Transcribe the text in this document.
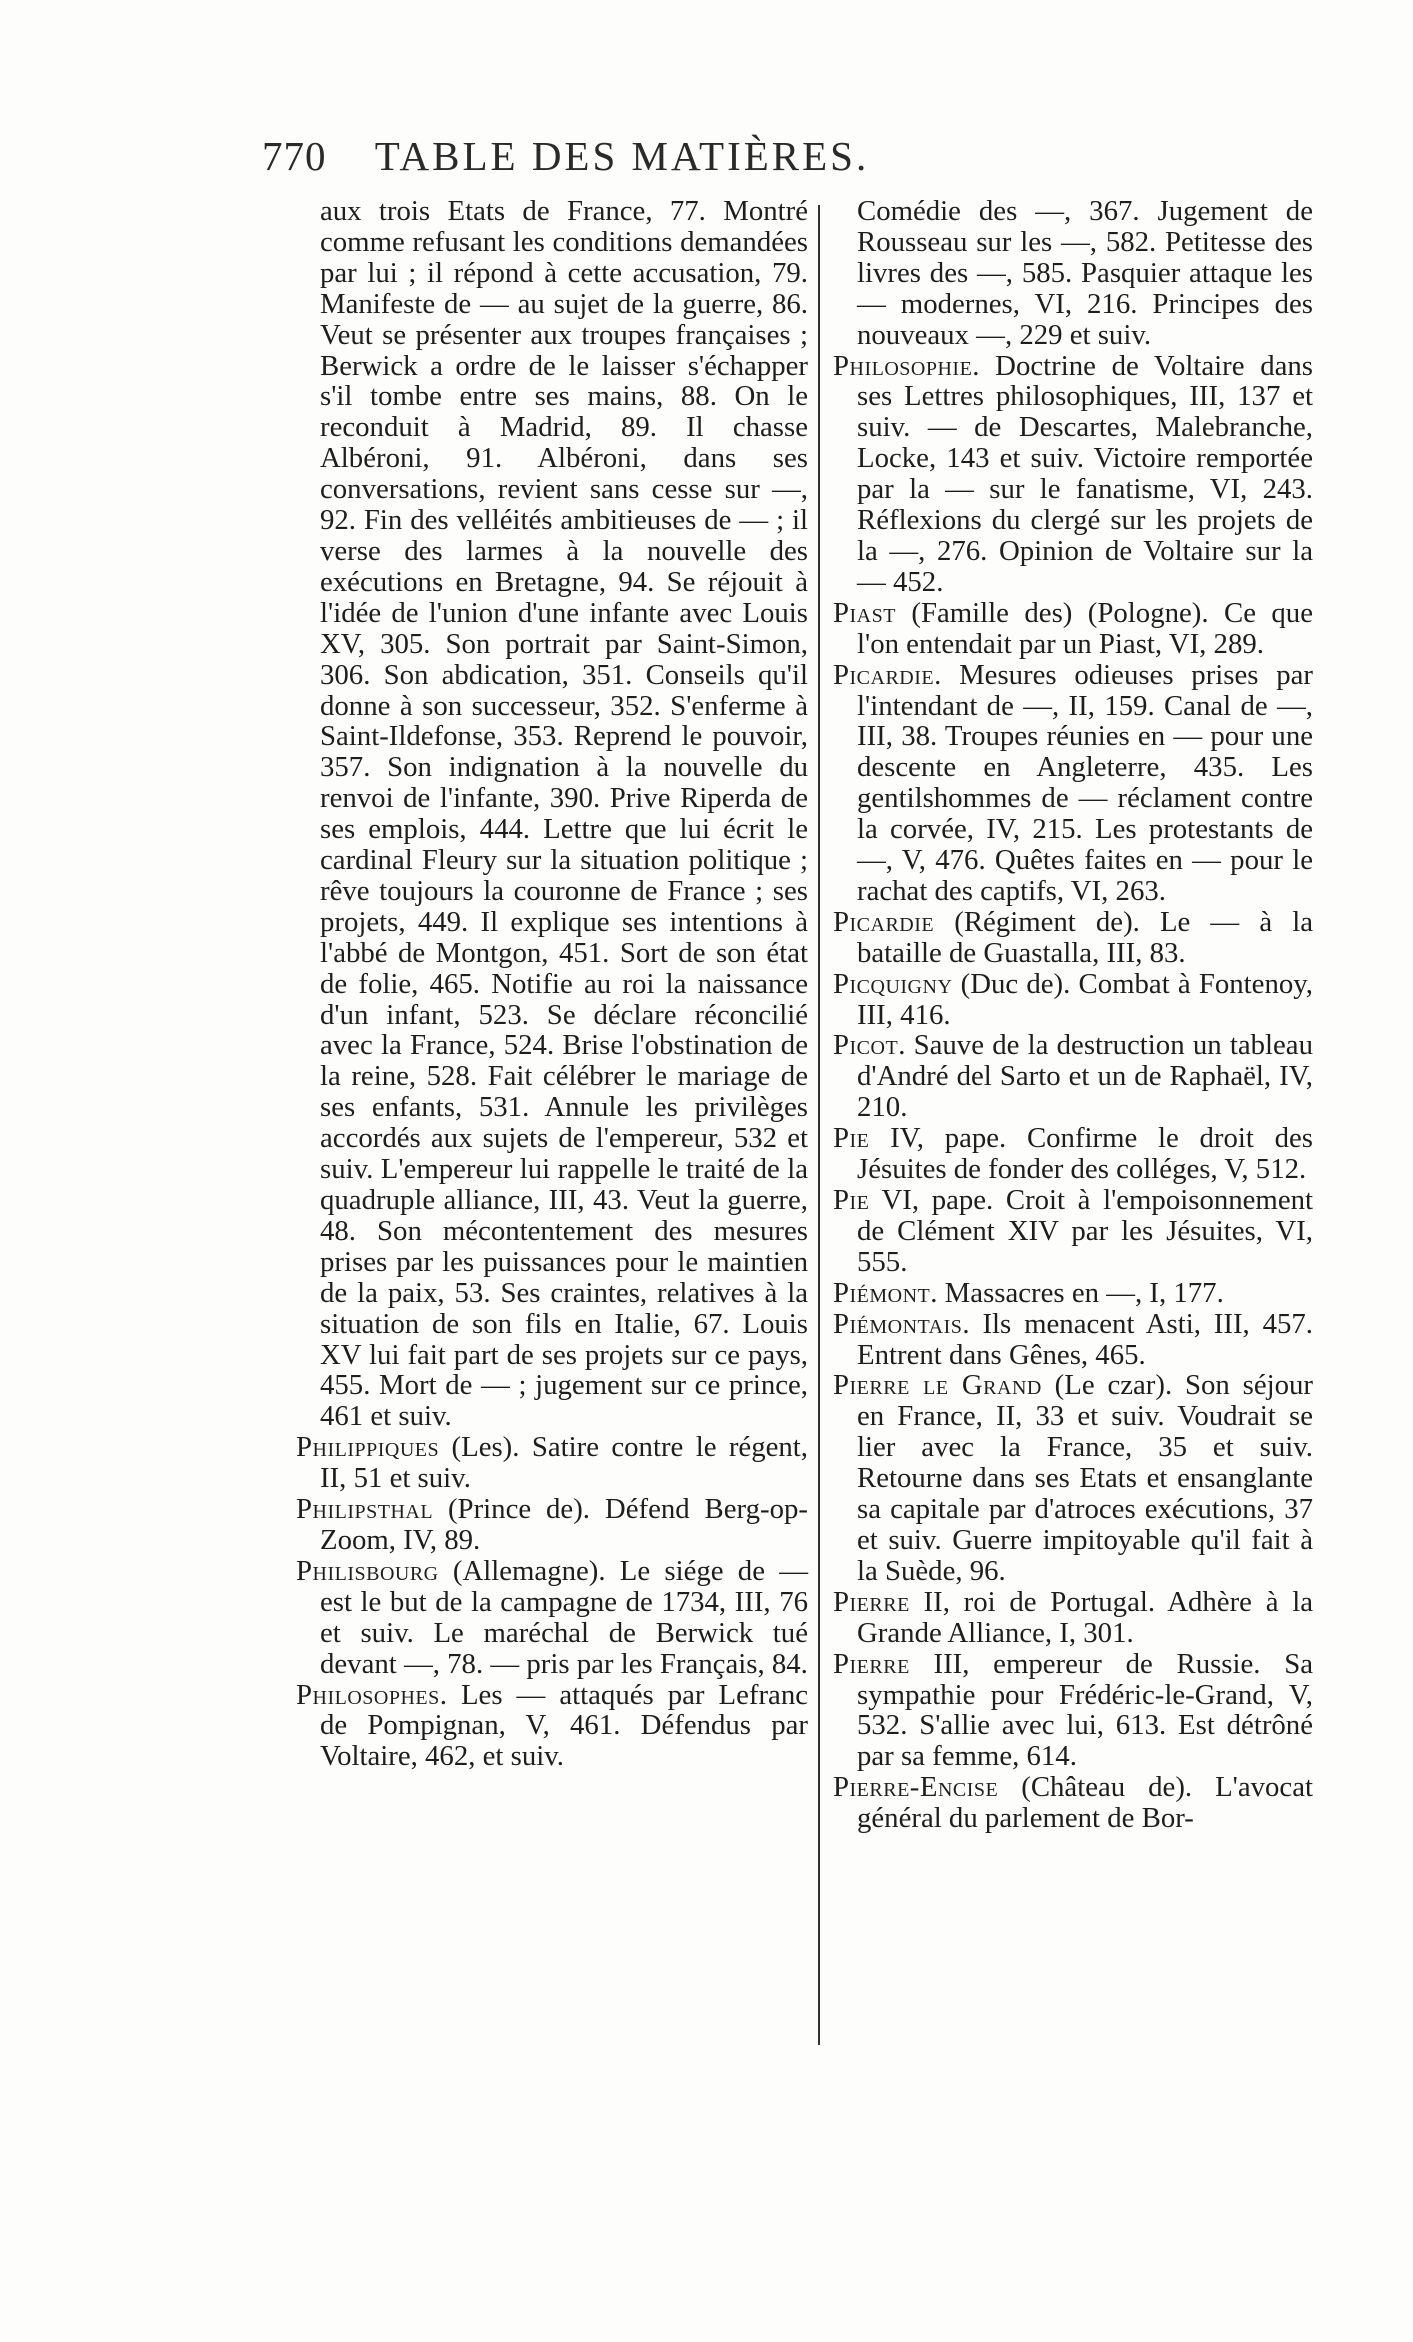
770	TABLE DES MATIÈRES.

aux trois Etats de France, 77. Montré comme refusant les conditions demandées par lui ; il répond à cette accusation, 79. Manifeste de — au sujet de la guerre, 86. Veut se présenter aux troupes françaises ; Berwick a ordre de le laisser s'échapper s'il tombe entre ses mains, 88. On le reconduit à Madrid, 89. Il chasse Albéroni, 91. Albéroni, dans ses conversations, revient sans cesse sur —, 92. Fin des velléités ambitieuses de — ; il verse des larmes à la nouvelle des exécutions en Bretagne, 94. Se réjouit à l'idée de l'union d'une infante avec Louis XV, 305. Son portrait par Saint-Simon, 306. Son abdication, 351. Conseils qu'il donne à son successeur, 352. S'enferme à Saint-Ildefonse, 353. Reprend le pouvoir, 357. Son indignation à la nouvelle du renvoi de l'infante, 390. Prive Riperda de ses emplois, 444. Lettre que lui écrit le cardinal Fleury sur la situation politique ; rêve toujours la couronne de France ; ses projets, 449. Il explique ses intentions à l'abbé de Montgon, 451. Sort de son état de folie, 465. Notifie au roi la naissance d'un infant, 523. Se déclare réconcilié avec la France, 524. Brise l'obstination de la reine, 528. Fait célébrer le mariage de ses enfants, 531. Annule les privilèges accordés aux sujets de l'empereur, 532 et suiv. L'empereur lui rappelle le traité de la quadruple alliance, III, 43. Veut la guerre, 48. Son mécontentement des mesures prises par les puissances pour le maintien de la paix, 53. Ses craintes, relatives à la situation de son fils en Italie, 67. Louis XV lui fait part de ses projets sur ce pays, 455. Mort de — ; jugement sur ce prince, 461 et suiv.

Philippiques (Les). Satire contre le régent, II, 51 et suiv.

Philipsthal (Prince de). Défend Berg-op-Zoom, IV, 89.

Philisbourg (Allemagne). Le siége de — est le but de la campagne de 1734, III, 76 et suiv. Le maréchal de Berwick tué devant —, 78. — pris par les Français, 84.

Philosophes. Les — attaqués par Lefranc de Pompignan, V, 461. Défendus par Voltaire, 462, et suiv.

Comédie des —, 367. Jugement de Rousseau sur les —, 582. Petitesse des livres des —, 585. Pasquier attaque les — modernes, VI, 216. Principes des nouveaux —, 229 et suiv.

Philosophie. Doctrine de Voltaire dans ses Lettres philosophiques, III, 137 et suiv. — de Descartes, Malebranche, Locke, 143 et suiv. Victoire remportée par la — sur le fanatisme, VI, 243. Réflexions du clergé sur les projets de la —, 276. Opinion de Voltaire sur la — 452.

Piast (Famille des) (Pologne). Ce que l'on entendait par un Piast, VI, 289.

Picardie. Mesures odieuses prises par l'intendant de —, II, 159. Canal de —, III, 38. Troupes réunies en — pour une descente en Angleterre, 435. Les gentilshommes de — réclament contre la corvée, IV, 215. Les protestants de —, V, 476. Quêtes faites en — pour le rachat des captifs, VI, 263.

Picardie (Régiment de). Le — à la bataille de Guastalla, III, 83.

Picquigny (Duc de). Combat à Fontenoy, III, 416.

Picot. Sauve de la destruction un tableau d'André del Sarto et un de Raphaël, IV, 210.

Pie IV, pape. Confirme le droit des Jésuites de fonder des colléges, V, 512.

Pie VI, pape. Croit à l'empoisonnement de Clément XIV par les Jésuites, VI, 555.

Piémont. Massacres en —, I, 177.

Piémontais. Ils menacent Asti, III, 457. Entrent dans Gênes, 465.

Pierre le Grand (Le czar). Son séjour en France, II, 33 et suiv. Voudrait se lier avec la France, 35 et suiv. Retourne dans ses Etats et ensanglante sa capitale par d'atroces exécutions, 37 et suiv. Guerre impitoyable qu'il fait à la Suède, 96.

Pierre II, roi de Portugal. Adhère à la Grande Alliance, I, 301.

Pierre III, empereur de Russie. Sa sympathie pour Frédéric-le-Grand, V, 532. S'allie avec lui, 613. Est détrôné par sa femme, 614.

Pierre-Encise (Château de). L'avocat général du parlement de Bor-
